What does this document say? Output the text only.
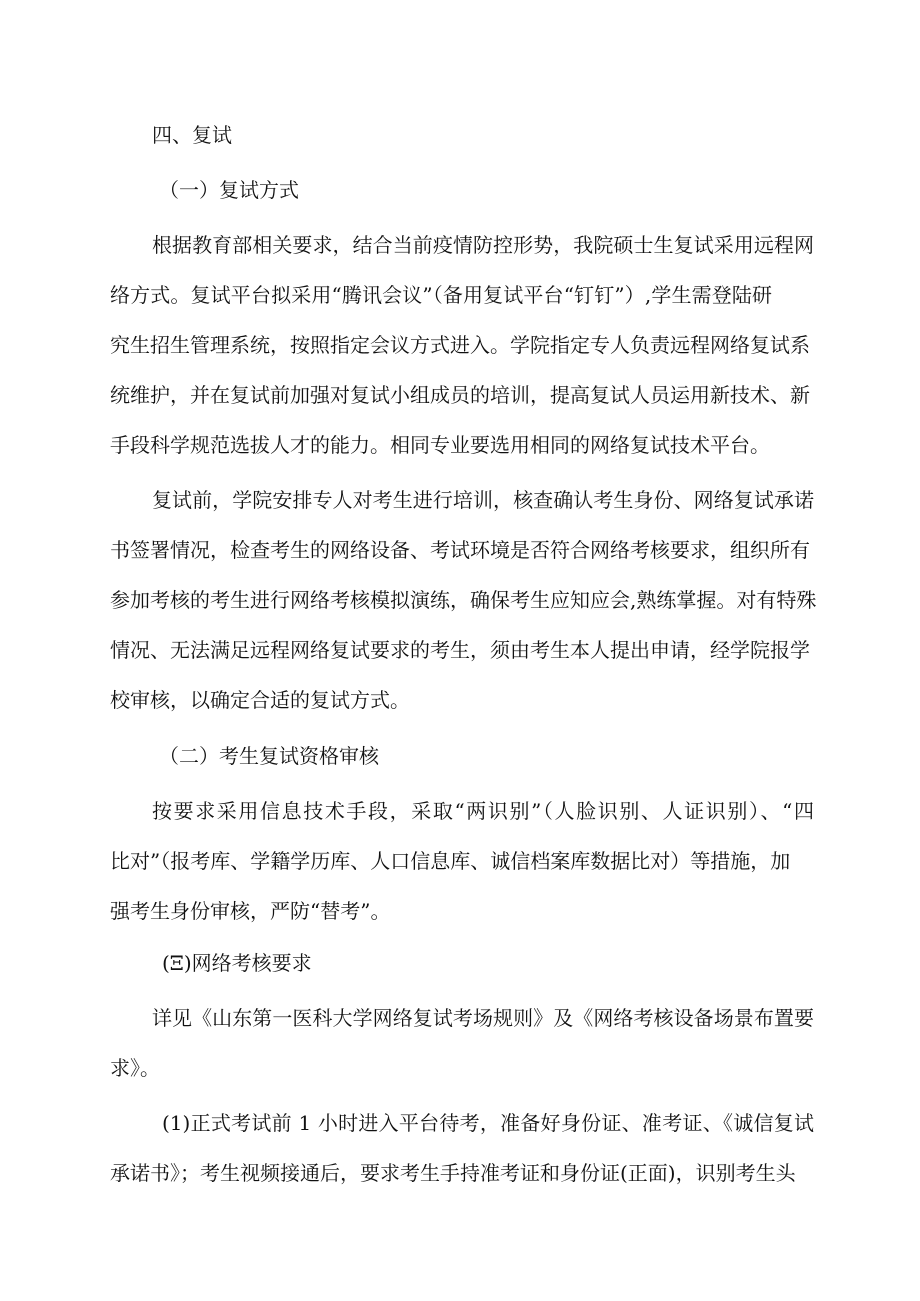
四、复试

（一）复试方式

根据教育部相关要求，结合当前疫情防控形势，我院硕士生复试采用远程网

络方式。复试平台拟采用“腾讯会议”（备用复试平台“钉钉”）,学生需登陆研

究生招生管理系统，按照指定会议方式进入。学院指定专人负责远程网络复试系

统维护，并在复试前加强对复试小组成员的培训，提高复试人员运用新技术、新

手段科学规范选拔人才的能力。相同专业要选用相同的网络复试技术平台。

复试前，学院安排专人对考生进行培训，核查确认考生身份、网络复试承诺

书签署情况，检查考生的网络设备、考试环境是否符合网络考核要求，组织所有

参加考核的考生进行网络考核模拟演练，确保考生应知应会,熟练掌握。对有特殊

情况、无法满足远程网络复试要求的考生，须由考生本人提出申请，经学院报学

校审核，以确定合适的复试方式。

（二）考生复试资格审核

按要求采用信息技术手段，采取“两识别”（人脸识别、人证识别）、“四

比对”（报考库、学籍学历库、人口信息库、诚信档案库数据比对）等措施，加

强考生身份审核，严防“替考”。

(Ξ)网络考核要求

详见《山东第一医科大学网络复试考场规则》及《网络考核设备场景布置要

求》。

(1)正式考试前 1 小时进入平台待考，准备好身份证、准考证、《诚信复试

承诺书》；考生视频接通后，要求考生手持准考证和身份证(正面)，识别考生头
